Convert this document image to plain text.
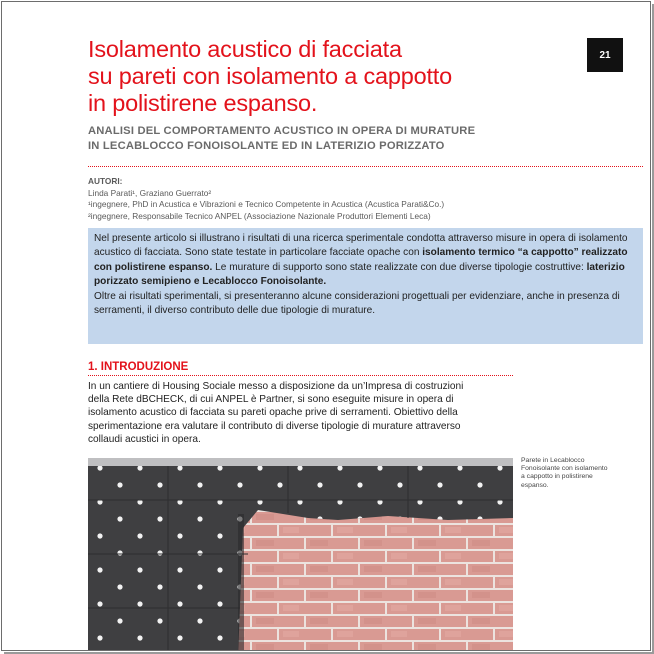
Isolamento acustico di facciata
su pareti con isolamento a cappotto
in polistirene espanso.
21
ANALISI DEL COMPORTAMENTO ACUSTICO IN OPERA DI MURATURE
IN LECABLOCCO FONOISOLANTE ED IN LATERIZIO PORIZZATO
AUTORI:
Linda Parati¹, Graziano Guerrato²
¹ingegnere, PhD in Acustica e Vibrazioni e Tecnico Competente in Acustica (Acustica Parati&Co.)
²ingegnere, Responsabile Tecnico ANPEL (Associazione Nazionale Produttori Elementi Leca)

Nel presente articolo si illustrano i risultati di una ricerca sperimentale condotta attraverso misure in opera di isolamento acustico di facciata. Sono state testate in particolare facciate opache con isolamento termico “a cappotto” realizzato con polistirene espanso. Le murature di supporto sono state realizzate con due diverse tipologie costruttive: laterizio porizzato semipieno e Lecablocco Fonoisolante.

Oltre ai risultati sperimentali, si presenteranno alcune considerazioni progettuali per evidenziare, anche in presenza di serramenti, il diverso contributo delle due tipologie di murature.

1. INTRODUZIONE

In un cantiere di Housing Sociale messo a disposizione da un’Impresa di costruzioni
della Rete dBCHECK, di cui ANPEL è Partner, si sono eseguite misure in opera di
isolamento acustico di facciata su pareti opache prive di serramenti. Obiettivo della
sperimentazione era valutare il contributo di diverse tipologie di murature attraverso
collaudi acustici in opera.

Parete in Lecablocco
Fonoisolante con isolamento
a cappotto in polistirene
espanso.
